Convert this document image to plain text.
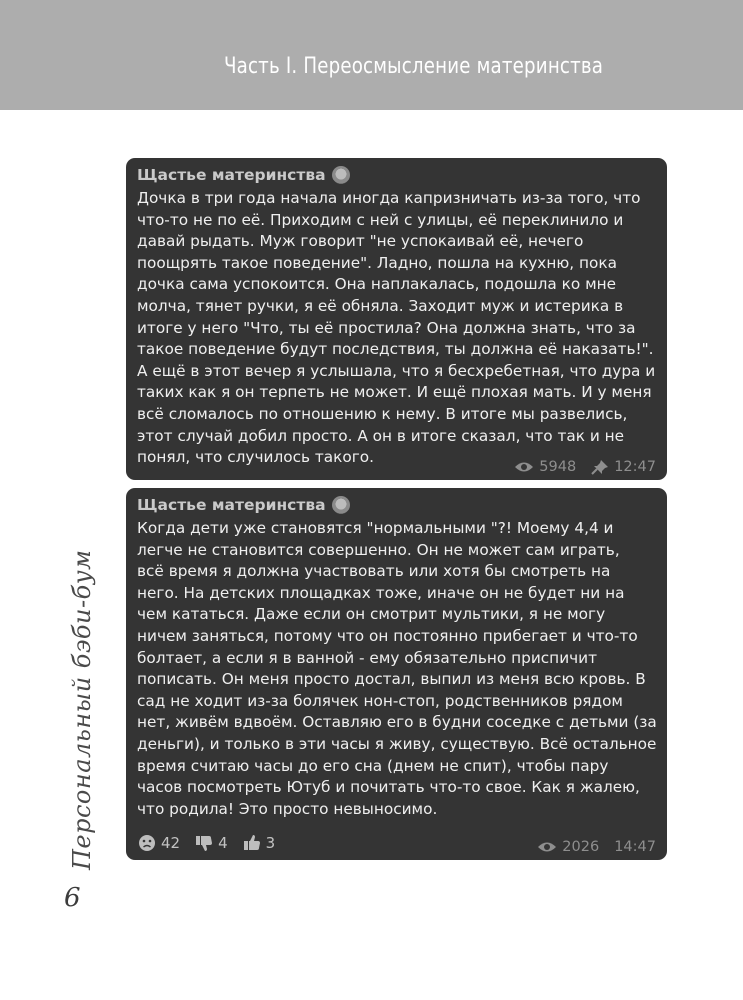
Часть I. Переосмысление материнства
Щастье материнства
Дочка в три года начала иногда капризничать из-за того, что
что-то не по её. Приходим с ней с улицы, её переклинило и
давай рыдать. Муж говорит "не успокаивай её, нечего
поощрять такое поведение". Ладно, пошла на кухню, пока
дочка сама успокоится. Она наплакалась, подошла ко мне
молча, тянет ручки, я её обняла. Заходит муж и истерика в
итоге у него "Что, ты её простила? Она должна знать, что за
такое поведение будут последствия, ты должна её наказать!".
А ещё в этот вечер я услышала, что я бесхребетная, что дура и
таких как я он терпеть не может. И ещё плохая мать. И у меня
всё сломалось по отношению к нему. В итоге мы развелись,
этот случай добил просто. А он в итоге сказал, что так и не
понял, что случилось такого.
5948	12:47
Щастье материнства
Когда дети уже становятся "нормальными "?! Моему 4,4 и
легче не становится совершенно. Он не может сам играть,
всё время я должна участвовать или хотя бы смотреть на
него. На детских площадках тоже, иначе он не будет ни на
чем кататься. Даже если он смотрит мультики, я не могу
ничем заняться, потому что он постоянно прибегает и что-то
болтает, а если я в ванной - ему обязательно приспичит
пописать. Он меня просто достал, выпил из меня всю кровь. В
сад не ходит из-за болячек нон-стоп, родственников рядом
нет, живём вдвоём. Оставляю его в будни соседке с детьми (за
деньги), и только в эти часы я живу, существую. Всё остальное
время считаю часы до его сна (днем не спит), чтобы пару
часов посмотреть Ютуб и почитать что-то свое. Как я жалею,
что родила! Это просто невыносимо.
42	4	3	2026 14:47
Персональный бэби-бум
6
